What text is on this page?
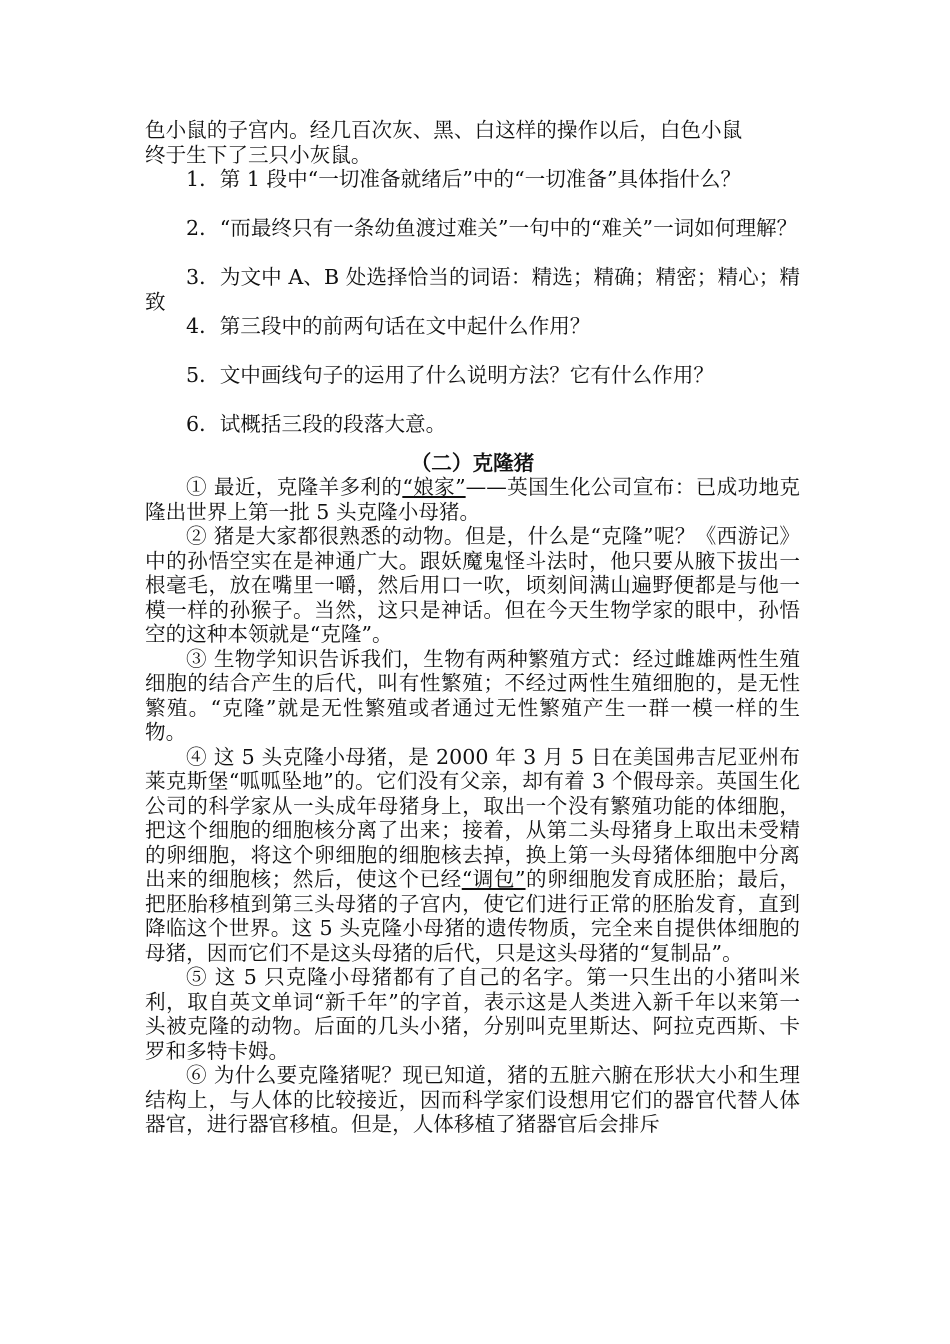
色小鼠的子宫内。经几百次灰、黑、白这样的操作以后，白色小鼠

终于生下了三只小灰鼠。

1．第 1 段中“一切准备就绪后”中的“一切准备”具体指什么？

2．“而最终只有一条幼鱼渡过难关”一句中的“难关”一词如何理解？

3．为文中 A、B 处选择恰当的词语：精选；精确；精密；精心；精致

4．第三段中的前两句话在文中起什么作用？

5．文中画线句子的运用了什么说明方法？它有什么作用？

6．试概括三段的段落大意。

（二）克隆猪

① 最近，克隆羊多利的“娘家”——英国生化公司宣布：已成功地克隆出世界上第一批 5 头克隆小母猪。

② 猪是大家都很熟悉的动物。但是，什么是“克隆”呢？《西游记》中的孙悟空实在是神通广大。跟妖魔鬼怪斗法时，他只要从腋下拔出一根毫毛，放在嘴里一嚼，然后用口一吹，顷刻间满山遍野便都是与他一模一样的孙猴子。当然，这只是神话。但在今天生物学家的眼中，孙悟空的这种本领就是“克隆”。

③ 生物学知识告诉我们，生物有两种繁殖方式：经过雌雄两性生殖细胞的结合产生的后代，叫有性繁殖；不经过两性生殖细胞的，是无性繁殖。“克隆”就是无性繁殖或者通过无性繁殖产生一群一模一样的生物。

④ 这 5 头克隆小母猪，是 2000 年 3 月 5 日在美国弗吉尼亚州布莱克斯堡“呱呱坠地”的。它们没有父亲，却有着 3 个假母亲。英国生化公司的科学家从一头成年母猪身上，取出一个没有繁殖功能的体细胞，把这个细胞的细胞核分离了出来；接着，从第二头母猪身上取出未受精的卵细胞，将这个卵细胞的细胞核去掉，换上第一头母猪体细胞中分离出来的细胞核；然后，使这个已经“调包”的卵细胞发育成胚胎；最后，把胚胎移植到第三头母猪的子宫内，使它们进行正常的胚胎发育，直到降临这个世界。这 5 头克隆小母猪的遗传物质，完全来自提供体细胞的母猪，因而它们不是这头母猪的后代，只是这头母猪的“复制品”。

⑤ 这 5 只克隆小母猪都有了自己的名字。第一只生出的小猪叫米利，取自英文单词“新千年”的字首，表示这是人类进入新千年以来第一头被克隆的动物。后面的几头小猪，分别叫克里斯达、阿拉克西斯、卡罗和多特卡姆。

⑥ 为什么要克隆猪呢？现已知道，猪的五脏六腑在形状大小和生理结构上，与人体的比较接近，因而科学家们设想用它们的器官代替人体器官，进行器官移植。但是，人体移植了猪器官后会排斥
